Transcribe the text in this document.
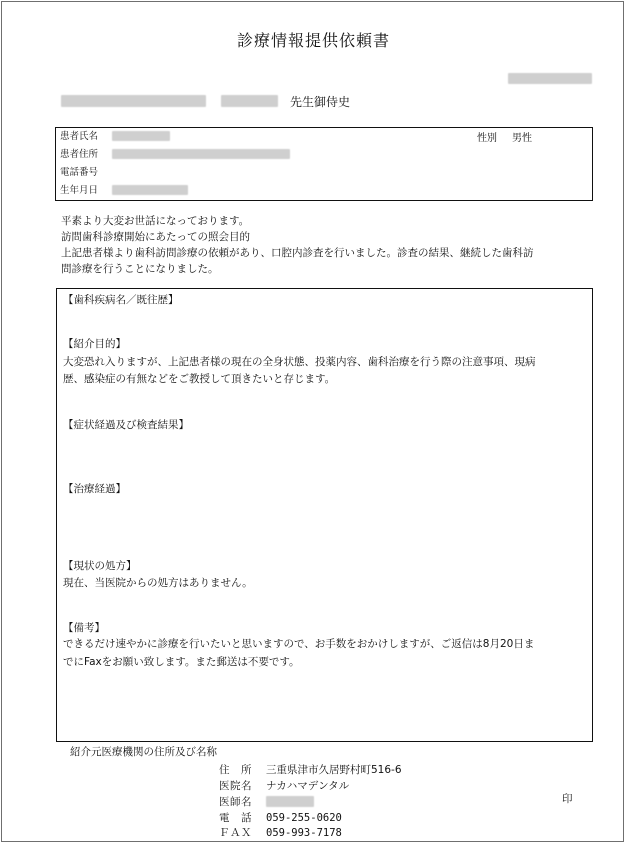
診療情報提供依頼書
先生御侍史
患者氏名
患者住所
電話番号
生年月日
性別 男性
平素より大変お世話になっております。
訪問歯科診療開始にあたっての照会目的
上記患者様より歯科訪問診療の依頼があり、口腔内診査を行いました。診査の結果、継続した歯科訪
問診療を行うことになりました。
【歯科疾病名／既往歴】
【紹介目的】
大変恐れ入りますが、上記患者様の現在の全身状態、投薬内容、歯科治療を行う際の注意事項、現病
歴、感染症の有無などをご教授して頂きたいと存じます。
【症状経過及び検査結果】
【治療経過】
【現状の処方】
現在、当医院からの処方はありません。
【備考】
できるだけ速やかに診療を行いたいと思いますので、お手数をおかけしますが、ご返信は8月20日ま
でにFaxをお願い致します。また郵送は不要です。
紹介元医療機関の住所及び名称
住　所 三重県津市久居野村町516-6
医院名 ナカハマデンタル
医師名	印
電　話 059-255-0620
ＦＡＸ 059-993-7178
